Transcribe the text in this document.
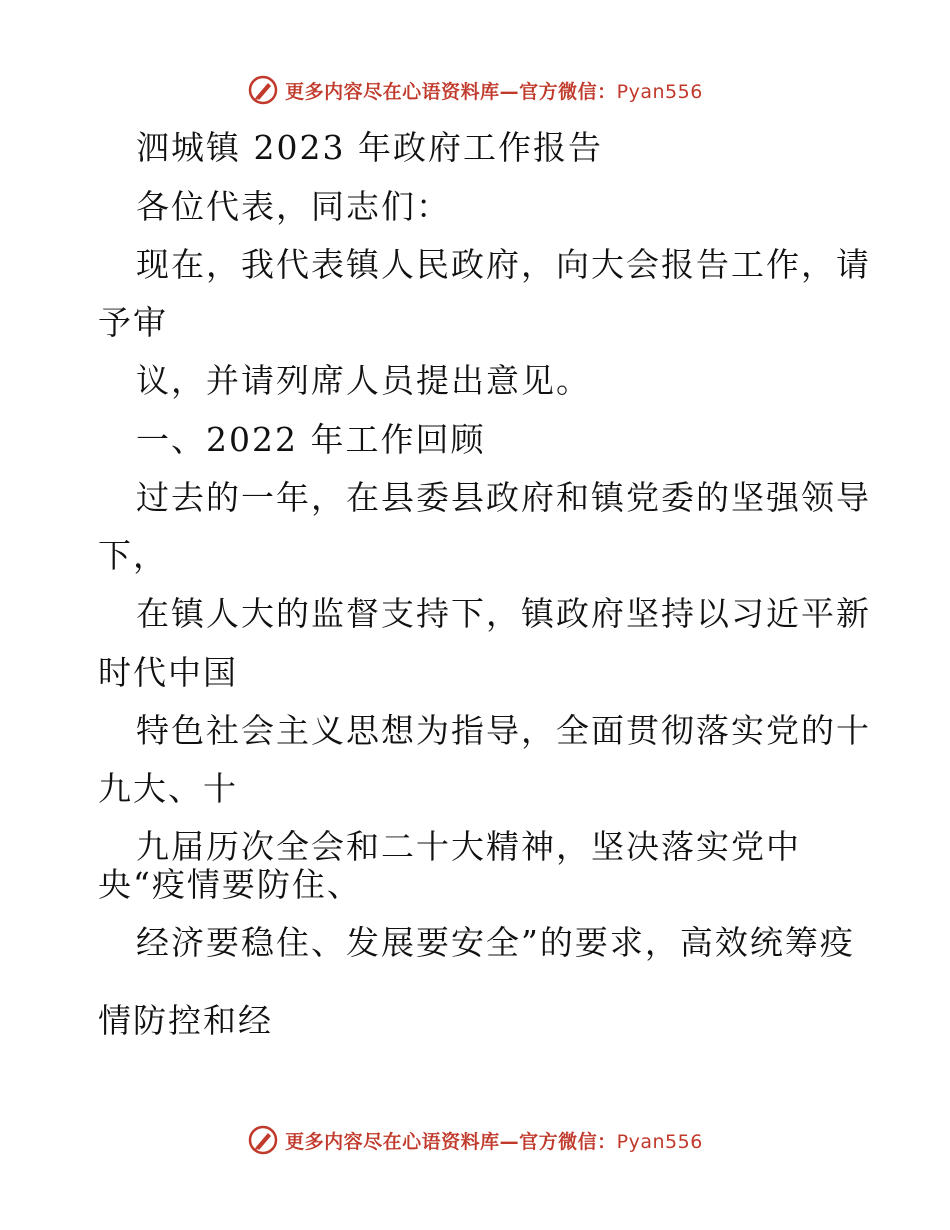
更多内容尽在心语资料库—官方微信：Pyan556
泗城镇 2023 年政府工作报告
各位代表，同志们：
现在，我代表镇人民政府，向大会报告工作，请
予审
议，并请列席人员提出意见。
一、2022 年工作回顾
过去的一年，在县委县政府和镇党委的坚强领导
下，
在镇人大的监督支持下，镇政府坚持以习近平新
时代中国
特色社会主义思想为指导，全面贯彻落实党的十
九大、十
九届历次全会和二十大精神，坚决落实党中
央“疫情要防住、
经济要稳住、发展要安全”的要求，高效统筹疫
情防控和经
更多内容尽在心语资料库—官方微信：Pyan556
